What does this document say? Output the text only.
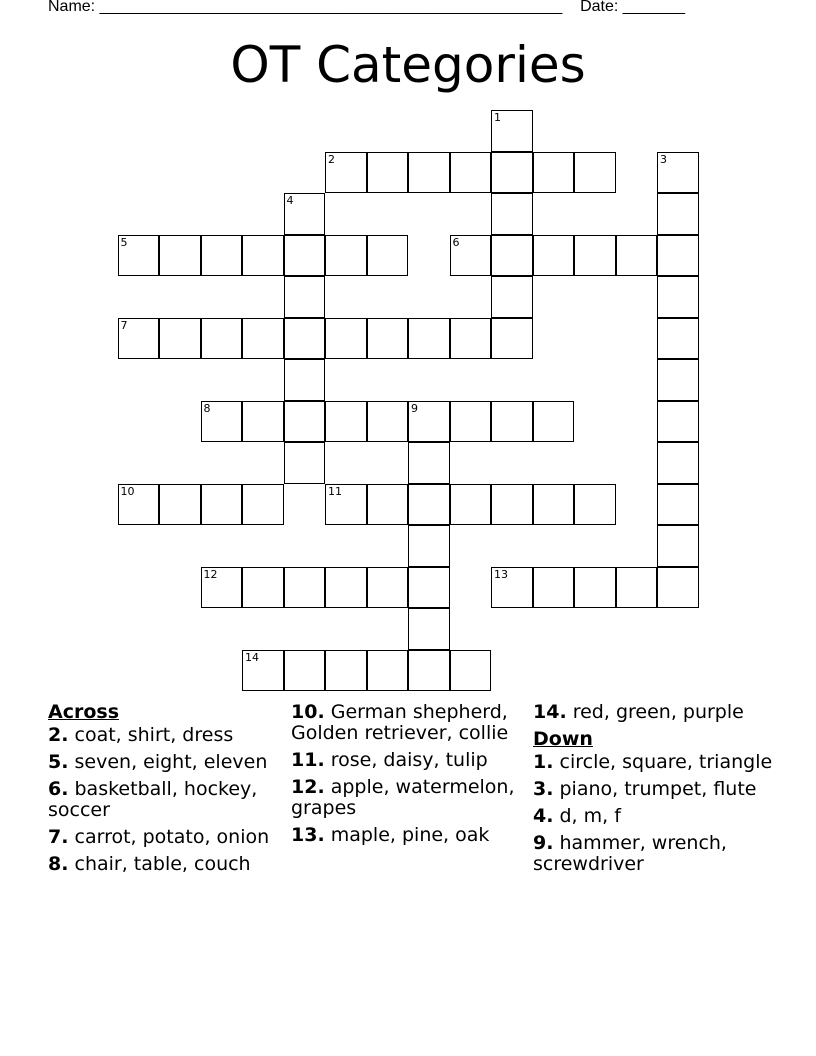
Name: ____________________________________________________    Date: _______
OT Categories
1
2	3
4
5	6
7
8	9
10	11
12	13
14
Across
2. coat, shirt, dress
5. seven, eight, eleven
6. basketball, hockey, soccer
7. carrot, potato, onion
8. chair, table, couch
10. German shepherd, Golden retriever, collie
11. rose, daisy, tulip
12. apple, watermelon, grapes
13. maple, pine, oak
14. red, green, purple
Down
1. circle, square, triangle
3. piano, trumpet, flute
4. d, m, f
9. hammer, wrench, screwdriver
